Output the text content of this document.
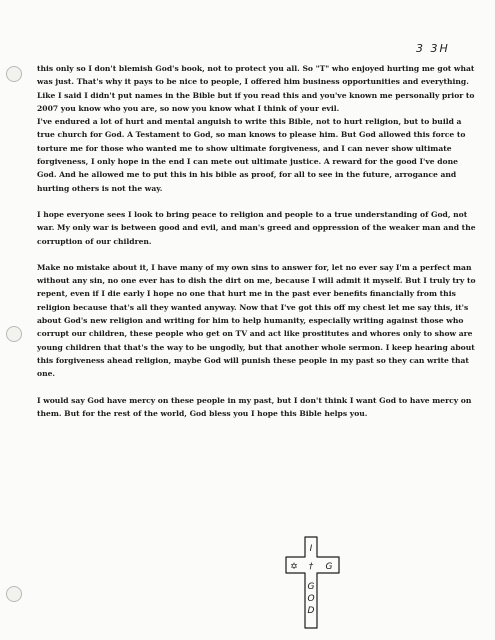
3 3H

this only so I don't blemish God's book, not to protect you all. So "T" who enjoyed hurting me got what was just. That's why it pays to be nice to people, I offered him business opportunities and everything. Like I said I didn't put names in the Bible but if you read this and you've known me personally prior to 2007 you know who you are, so now you know what I think of your evil.

I've endured a lot of hurt and mental anguish to write this Bible, not to hurt religion, but to build a true church for God. A Testament to God, so man knows to please him. But God allowed this force to torture me for those who wanted me to show ultimate forgiveness, and I can never show ultimate forgiveness, I only hope in the end I can mete out ultimate justice. A reward for the good I've done God. And he allowed me to put this in his bible as proof, for all to see in the future, arrogance and hurting others is not the way.

I hope everyone sees I look to bring peace to religion and people to a true understanding of God, not war. My only war is between good and evil, and man's greed and oppression of the weaker man and the corruption of our children.

Make no mistake about it, I have many of my own sins to answer for, let no ever say I'm a perfect man without any sin, no one ever has to dish the dirt on me, because I will admit it myself. But I truly try to repent, even if I die early I hope no one that hurt me in the past ever benefits financially from this religion because that's all they wanted anyway. Now that I've got this off my chest let me say this, it's about God's new religion and writing for him to help humanity, especially writing against those who corrupt our children, these people who get on TV and act like prostitutes and whores only to show are young children that that's the way to be ungodly, but that another whole sermon. I keep hearing about this forgiveness ahead religion, maybe God will punish these people in my past so they can write that one.

I would say God have mercy on these people in my past, but I don't think I want God to have mercy on them. But for the rest of the world, God bless you I hope this Bible helps you.

I
✡ † G
G
O
D
